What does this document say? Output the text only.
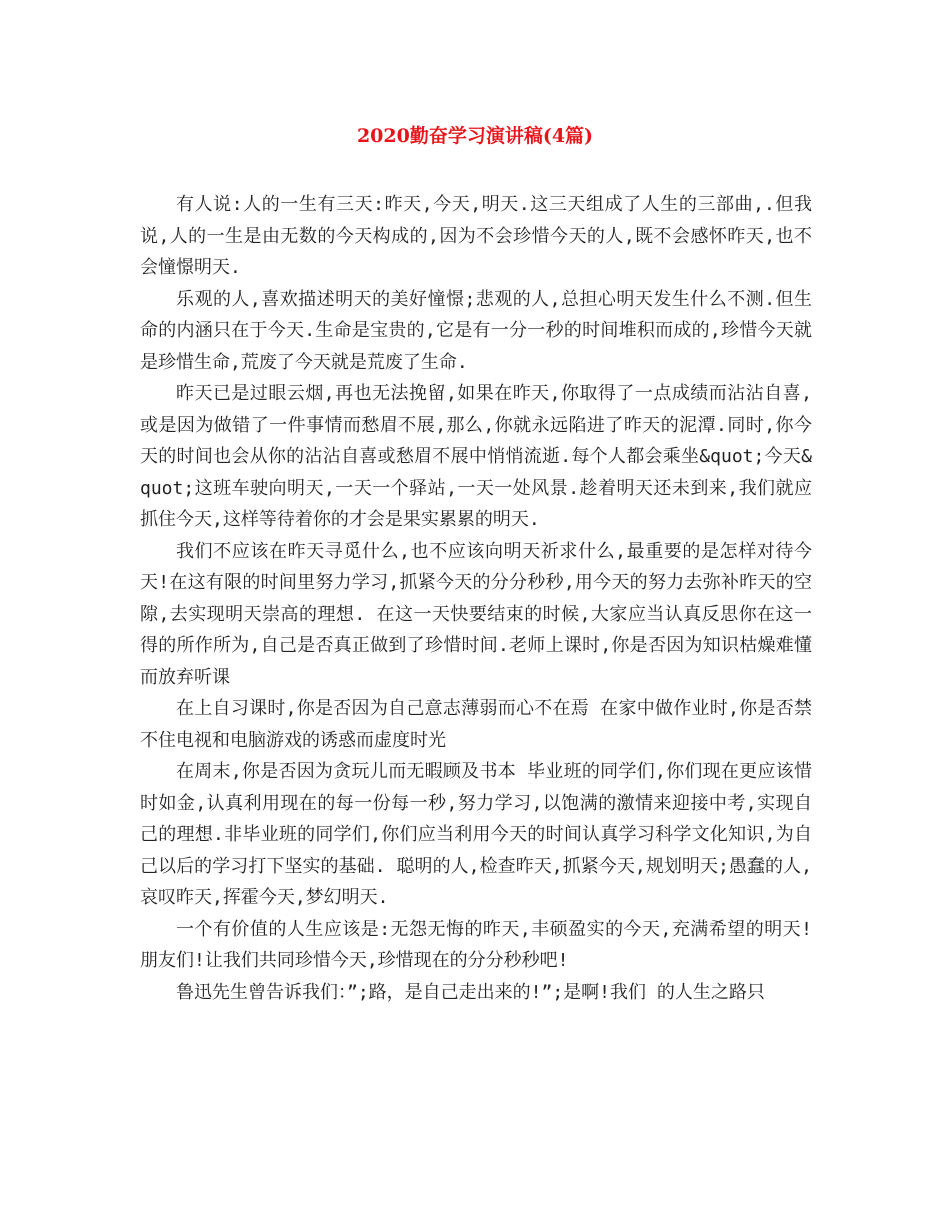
2020勤奋学习演讲稿(4篇)

有人说:人的一生有三天:昨天,今天,明天.这三天组成了人生的三部曲,.但我说,人的一生是由无数的今天构成的,因为不会珍惜今天的人,既不会感怀昨天,也不会憧憬明天.

乐观的人,喜欢描述明天的美好憧憬;悲观的人,总担心明天发生什么不测.但生命的内涵只在于今天.生命是宝贵的,它是有一分一秒的时间堆积而成的,珍惜今天就是珍惜生命,荒废了今天就是荒废了生命.

昨天已是过眼云烟,再也无法挽留,如果在昨天,你取得了一点成绩而沾沾自喜,或是因为做错了一件事情而愁眉不展,那么,你就永远陷进了昨天的泥潭.同时,你今天的时间也会从你的沾沾自喜或愁眉不展中悄悄流逝.每个人都会乘坐&quot;今天&quot;这班车驶向明天,一天一个驿站,一天一处风景.趁着明天还未到来,我们就应抓住今天,这样等待着你的才会是果实累累的明天.

我们不应该在昨天寻觅什么,也不应该向明天祈求什么,最重要的是怎样对待今天!在这有限的时间里努力学习,抓紧今天的分分秒秒,用今天的努力去弥补昨天的空隙,去实现明天崇高的理想. 在这一天快要结束的时候,大家应当认真反思你在这一得的所作所为,自己是否真正做到了珍惜时间.老师上课时,你是否因为知识枯燥难懂而放弃听课

在上自习课时,你是否因为自己意志薄弱而心不在焉 在家中做作业时,你是否禁不住电视和电脑游戏的诱惑而虚度时光

在周末,你是否因为贪玩儿而无暇顾及书本 毕业班的同学们,你们现在更应该惜时如金,认真利用现在的每一份每一秒,努力学习,以饱满的激情来迎接中考,实现自己的理想.非毕业班的同学们,你们应当利用今天的时间认真学习科学文化知识,为自己以后的学习打下坚实的基础. 聪明的人,检查昨天,抓紧今天,规划明天;愚蠢的人,哀叹昨天,挥霍今天,梦幻明天.

一个有价值的人生应该是:无怨无悔的昨天,丰硕盈实的今天,充满希望的明天!朋友们!让我们共同珍惜今天,珍惜现在的分分秒秒吧!

鲁迅先生曾告诉我们：”;路，是自己走出来的!”;是啊!我们 的人生之路只
